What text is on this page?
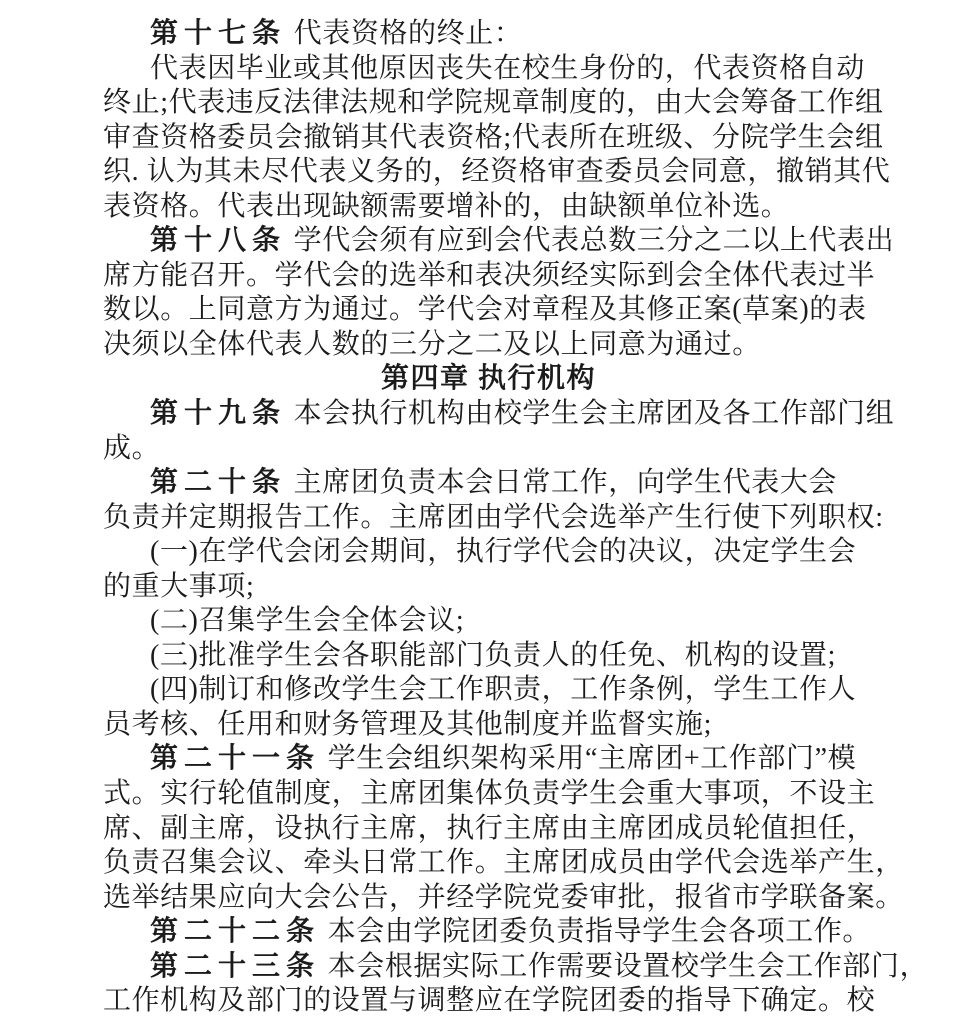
第十七条 代表资格的终止：
代表因毕业或其他原因丧失在校生身份的，代表资格自动
终止;代表违反法律法规和学院规章制度的，由大会筹备工作组
审查资格委员会撤销其代表资格;代表所在班级、分院学生会组
织. 认为其未尽代表义务的，经资格审查委员会同意，撤销其代
表资格。代表出现缺额需要增补的，由缺额单位补选。
第十八条 学代会须有应到会代表总数三分之二以上代表出
席方能召开。学代会的选举和表决须经实际到会全体代表过半
数以。上同意方为通过。学代会对章程及其修正案(草案)的表
决须以全体代表人数的三分之二及以上同意为通过。
第四章 执行机构
第十九条 本会执行机构由校学生会主席团及各工作部门组
成。
第二十条 主席团负责本会日常工作，向学生代表大会
负责并定期报告工作。主席团由学代会选举产生行使下列职权:
(一)在学代会闭会期间，执行学代会的决议，决定学生会
的重大事项;
(二)召集学生会全体会议;
(三)批准学生会各职能部门负责人的任免、机构的设置;
(四)制订和修改学生会工作职责，工作条例，学生工作人
员考核、任用和财务管理及其他制度并监督实施;
第二十一条 学生会组织架构采用“主席团+工作部门”模
式。实行轮值制度，主席团集体负责学生会重大事项，不设主
席、副主席，设执行主席，执行主席由主席团成员轮值担任，
负责召集会议、牵头日常工作。主席团成员由学代会选举产生，
选举结果应向大会公告，并经学院党委审批，报省市学联备案。
第二十二条 本会由学院团委负责指导学生会各项工作。
第二十三条 本会根据实际工作需要设置校学生会工作部门，
工作机构及部门的设置与调整应在学院团委的指导下确定。校
